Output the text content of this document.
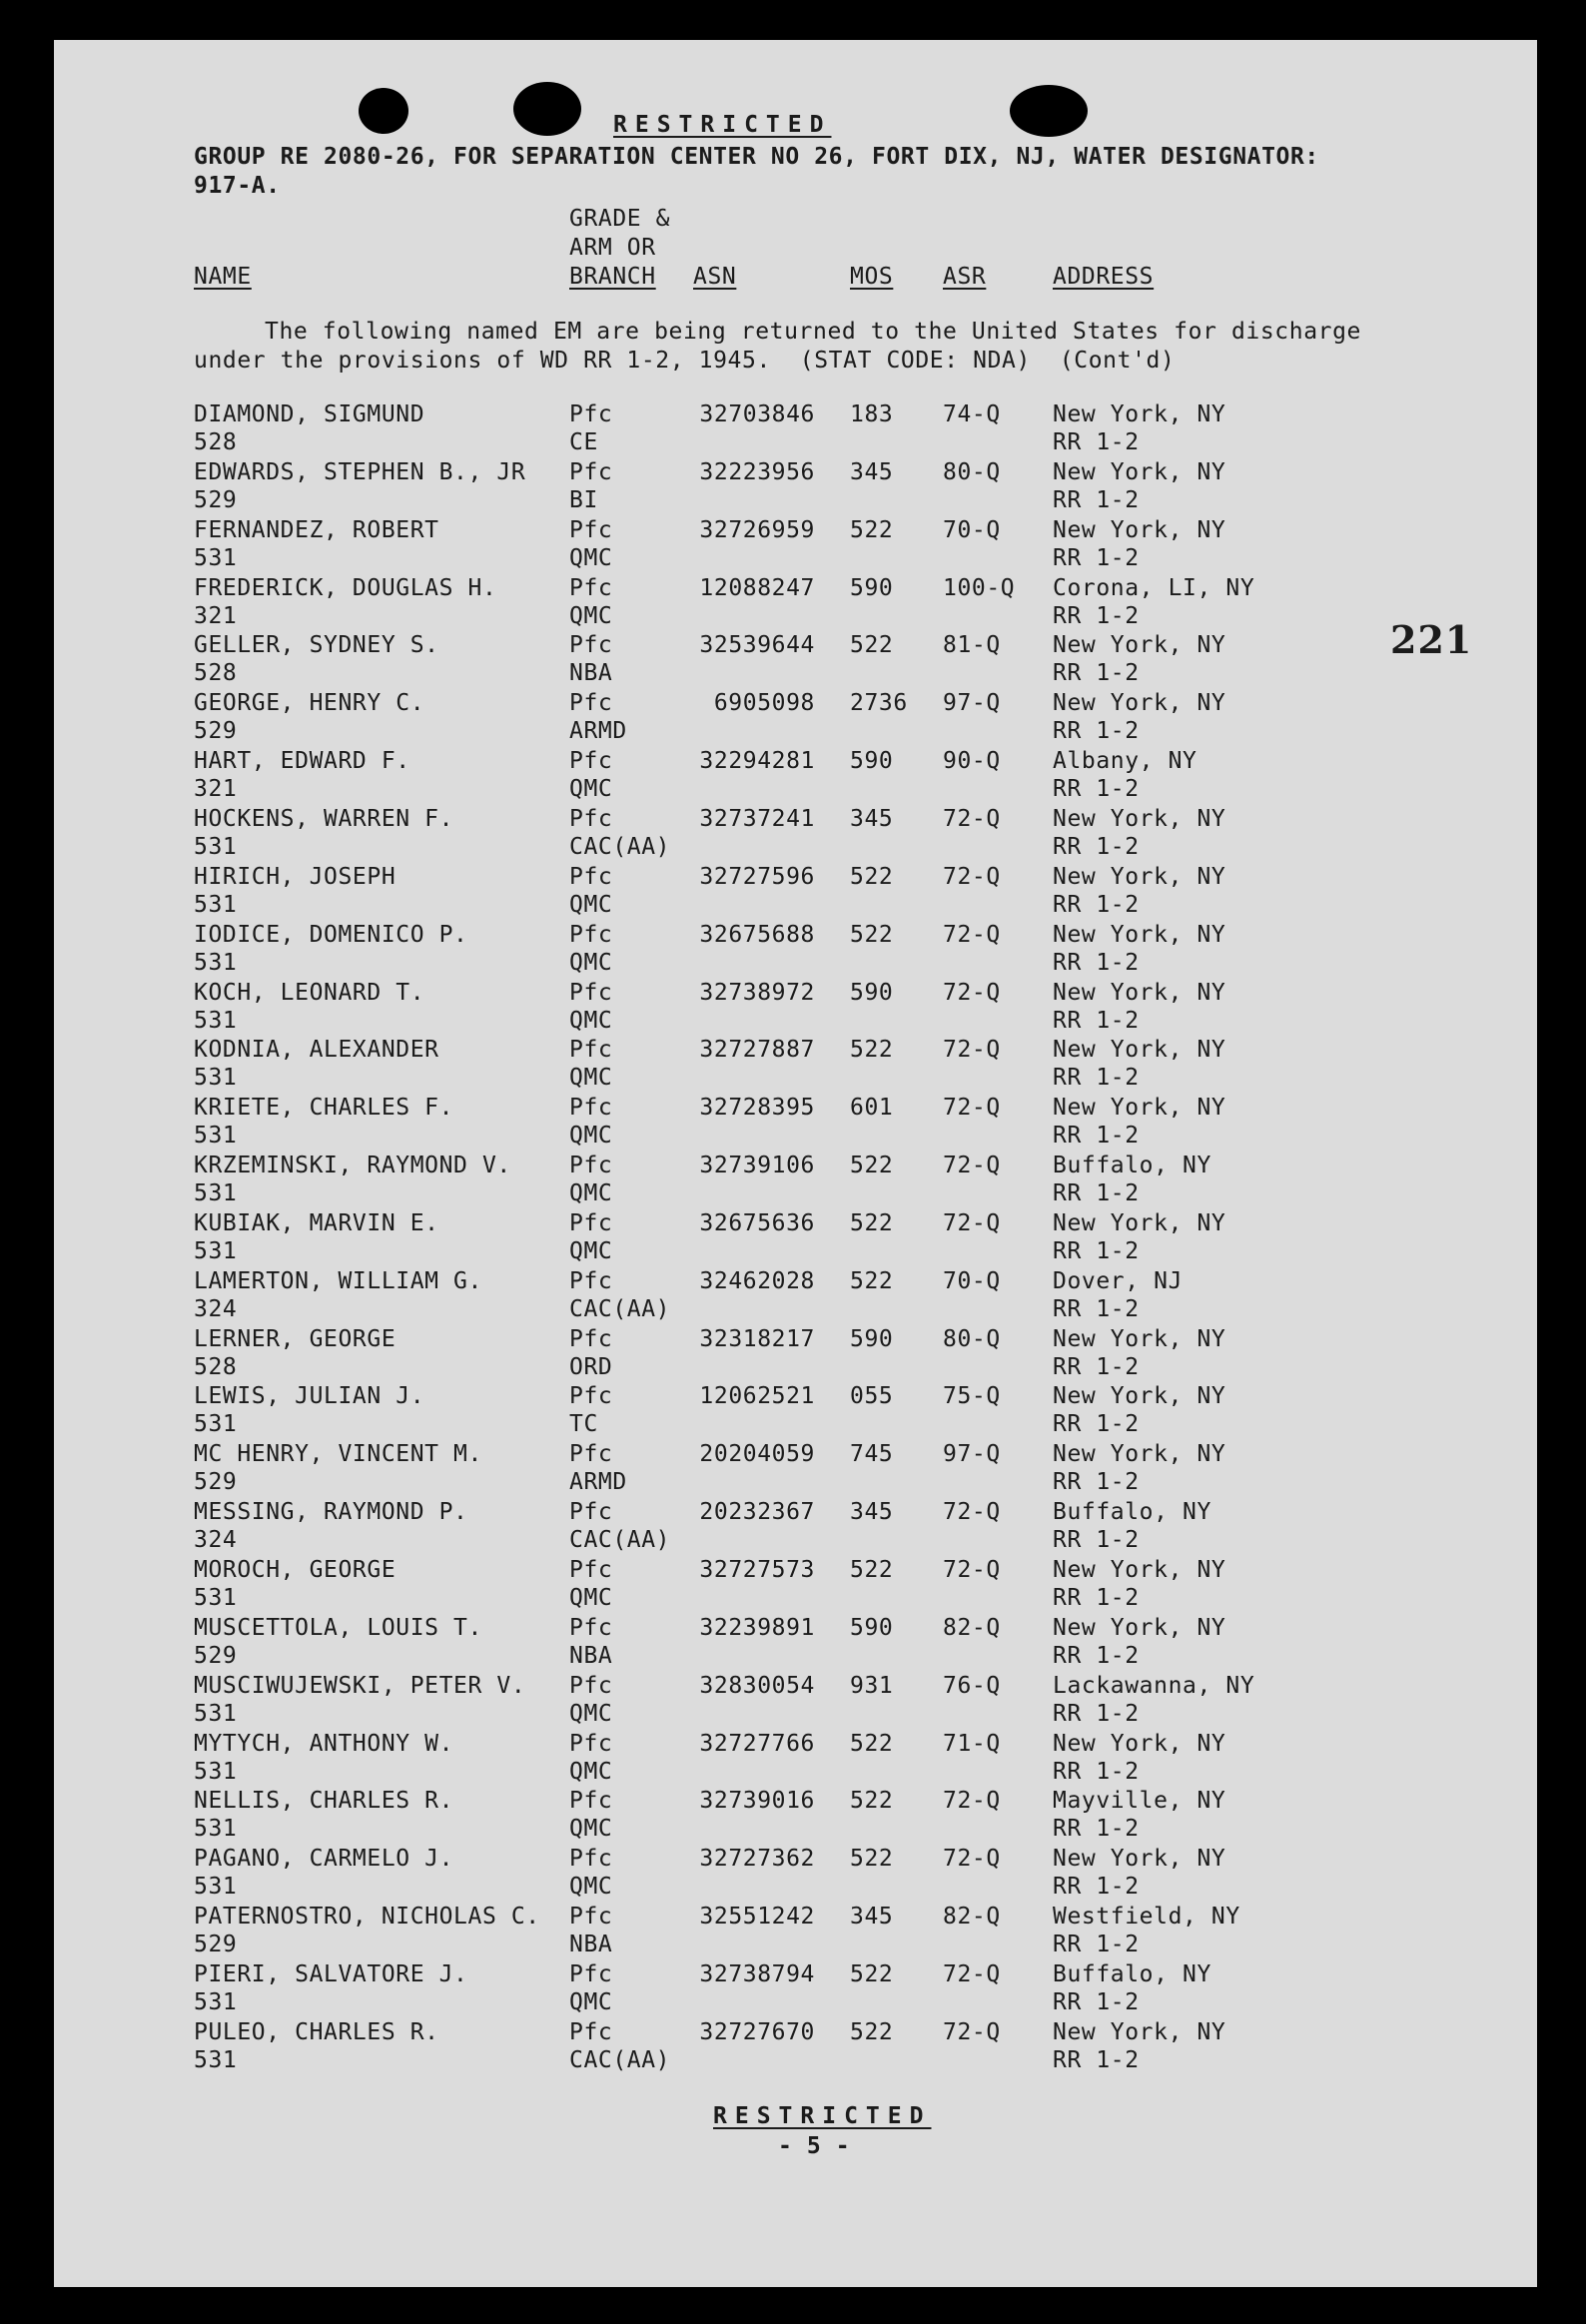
RESTRICTED
GROUP RE 2080-26, FOR SEPARATION CENTER NO 26, FORT DIX, NJ, WATER DESIGNATOR:
917-A.
GRADE &
ARM OR
BRANCH
NAME	ASN	MOS ASR	ADDRESS
The following named EM are being returned to the United States for discharge
under the provisions of WD RR 1-2, 1945.  (STAT CODE: NDA)  (Cont'd)
221
DIAMOND, SIGMUND	Pfc	32703846 183 74-Q New York, NY
528	CE	RR 1-2
EDWARDS, STEPHEN B., JR Pfc	32223956 345 80-Q New York, NY
529	BI	RR 1-2
FERNANDEZ, ROBERT	Pfc	32726959 522 70-Q New York, NY
531	QMC	RR 1-2
FREDERICK, DOUGLAS H.	Pfc	12088247 590 100-Q Corona, LI, NY
321	QMC	RR 1-2
GELLER, SYDNEY S.	Pfc	32539644 522 81-Q New York, NY
528	NBA	RR 1-2
GEORGE, HENRY C.	Pfc	6905098 2736 97-Q New York, NY
529	ARMD	RR 1-2
HART, EDWARD F.	Pfc	32294281 590 90-Q Albany, NY
321	QMC	RR 1-2
HOCKENS, WARREN F.	Pfc	32737241 345 72-Q New York, NY
531	CAC(AA)	RR 1-2
HIRICH, JOSEPH	Pfc	32727596 522 72-Q New York, NY
531	QMC	RR 1-2
IODICE, DOMENICO P.	Pfc	32675688 522 72-Q New York, NY
531	QMC	RR 1-2
KOCH, LEONARD T.	Pfc	32738972 590 72-Q New York, NY
531	QMC	RR 1-2
KODNIA, ALEXANDER	Pfc	32727887 522 72-Q New York, NY
531	QMC	RR 1-2
KRIETE, CHARLES F.	Pfc	32728395 601 72-Q New York, NY
531	QMC	RR 1-2
KRZEMINSKI, RAYMOND V.	Pfc	32739106 522 72-Q Buffalo, NY
531	QMC	RR 1-2
KUBIAK, MARVIN E.	Pfc	32675636 522 72-Q New York, NY
531	QMC	RR 1-2
LAMERTON, WILLIAM G.	Pfc	32462028 522 70-Q Dover, NJ
324	CAC(AA)	RR 1-2
LERNER, GEORGE	Pfc	32318217 590 80-Q New York, NY
528	ORD	RR 1-2
LEWIS, JULIAN J.	Pfc	12062521 055 75-Q New York, NY
531	TC	RR 1-2
MC HENRY, VINCENT M.	Pfc	20204059 745 97-Q New York, NY
529	ARMD	RR 1-2
MESSING, RAYMOND P.	Pfc	20232367 345 72-Q Buffalo, NY
324	CAC(AA)	RR 1-2
MOROCH, GEORGE	Pfc	32727573 522 72-Q New York, NY
531	QMC	RR 1-2
MUSCETTOLA, LOUIS T.	Pfc	32239891 590 82-Q New York, NY
529	NBA	RR 1-2
MUSCIWUJEWSKI, PETER V. Pfc	32830054 931 76-Q Lackawanna, NY
531	QMC	RR 1-2
MYTYCH, ANTHONY W.	Pfc	32727766 522 71-Q New York, NY
531	QMC	RR 1-2
NELLIS, CHARLES R.	Pfc	32739016 522 72-Q Mayville, NY
531	QMC	RR 1-2
PAGANO, CARMELO J.	Pfc	32727362 522 72-Q New York, NY
531	QMC	RR 1-2
PATERNOSTRO, NICHOLAS C. Pfc	32551242 345 82-Q Westfield, NY
529	NBA	RR 1-2
PIERI, SALVATORE J.	Pfc	32738794 522 72-Q Buffalo, NY
531	QMC	RR 1-2
PULEO, CHARLES R.	Pfc	32727670 522 72-Q New York, NY
531	CAC(AA)	RR 1-2
RESTRICTED
- 5 -
